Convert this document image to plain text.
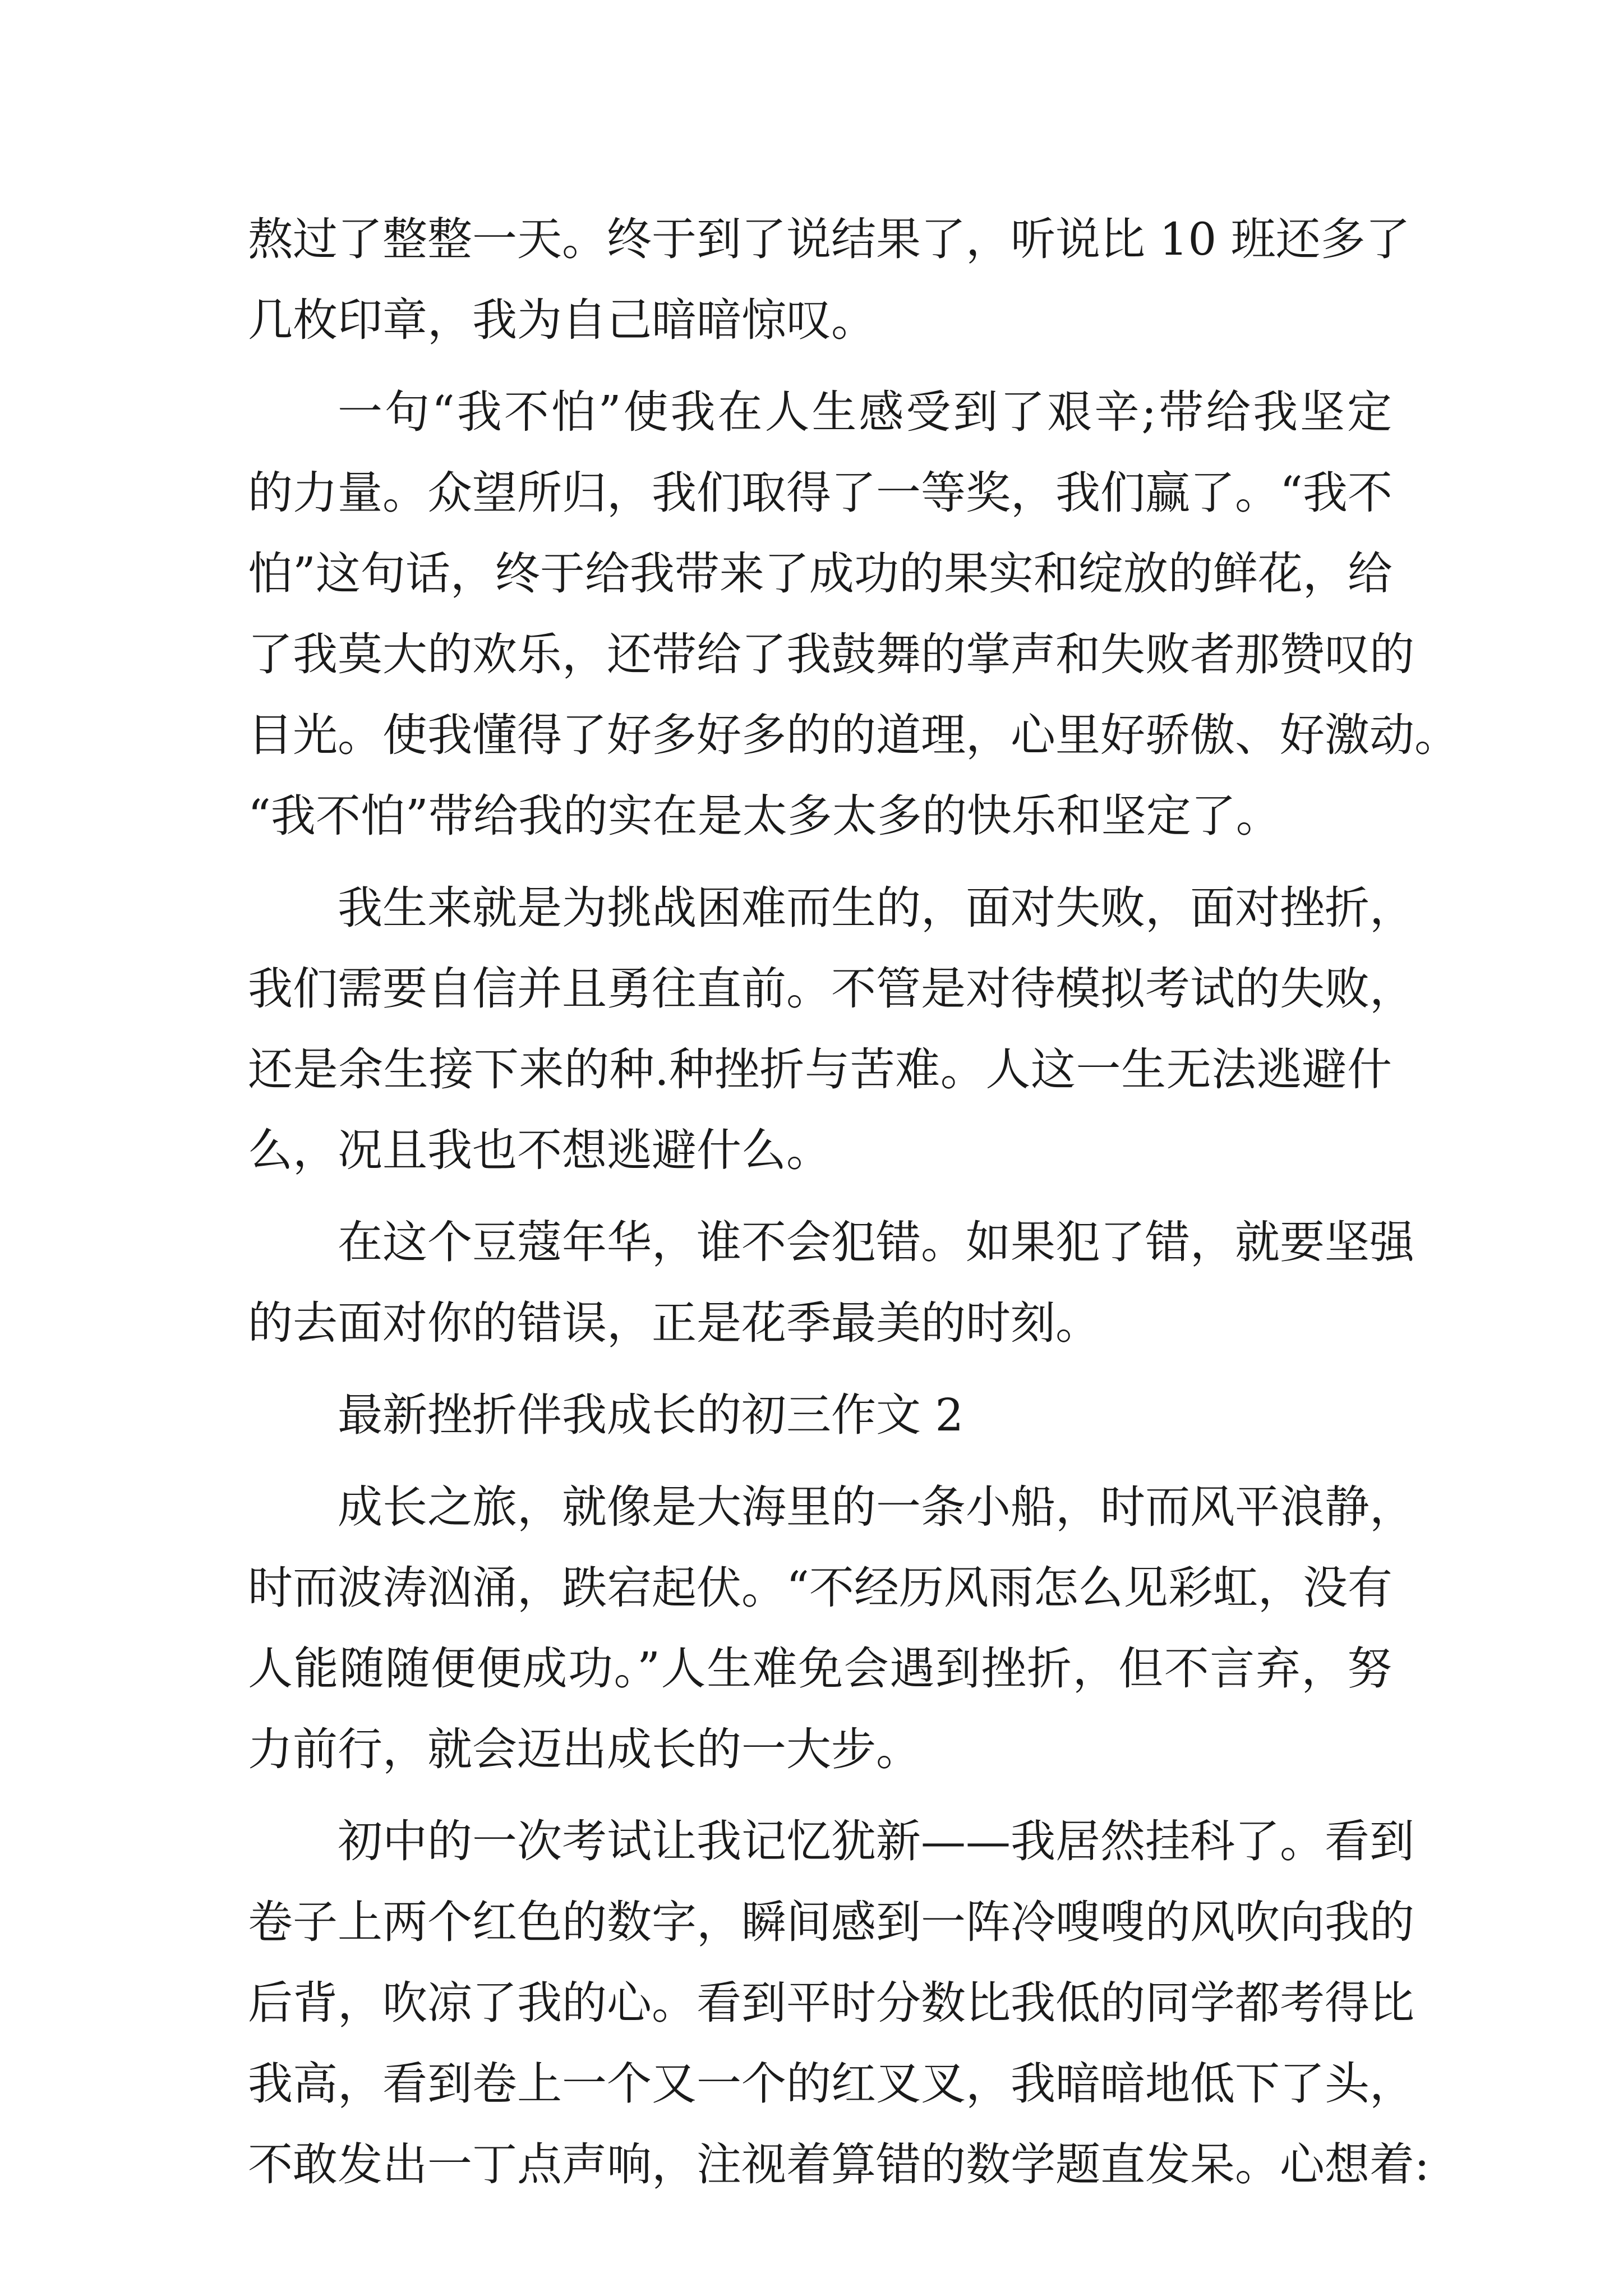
熬过了整整一天。终于到了说结果了，听说比 10 班还多了
几枚印章，我为自己暗暗惊叹。
一句“我不怕”使我在人生感受到了艰辛;带给我坚定
的力量。众望所归，我们取得了一等奖，我们赢了。“我不
怕”这句话，终于给我带来了成功的果实和绽放的鲜花，给
了我莫大的欢乐，还带给了我鼓舞的掌声和失败者那赞叹的
目光。使我懂得了好多好多的的道理，心里好骄傲、好激动。
“我不怕”带给我的实在是太多太多的快乐和坚定了。
我生来就是为挑战困难而生的，面对失败，面对挫折，
我们需要自信并且勇往直前。不管是对待模拟考试的失败，
还是余生接下来的种.种挫折与苦难。人这一生无法逃避什
么，况且我也不想逃避什么。
在这个豆蔻年华，谁不会犯错。如果犯了错，就要坚强
的去面对你的错误，正是花季最美的时刻。
最新挫折伴我成长的初三作文 2
成长之旅，就像是大海里的一条小船，时而风平浪静，
时而波涛汹涌，跌宕起伏。“不经历风雨怎么见彩虹，没有
人能随随便便成功。”人生难免会遇到挫折，但不言弃，努
力前行，就会迈出成长的一大步。
初中的一次考试让我记忆犹新——我居然挂科了。看到
卷子上两个红色的数字，瞬间感到一阵冷嗖嗖的风吹向我的
后背，吹凉了我的心。看到平时分数比我低的同学都考得比
我高，看到卷上一个又一个的红叉叉，我暗暗地低下了头，
不敢发出一丁点声响，注视着算错的数学题直发呆。心想着:
